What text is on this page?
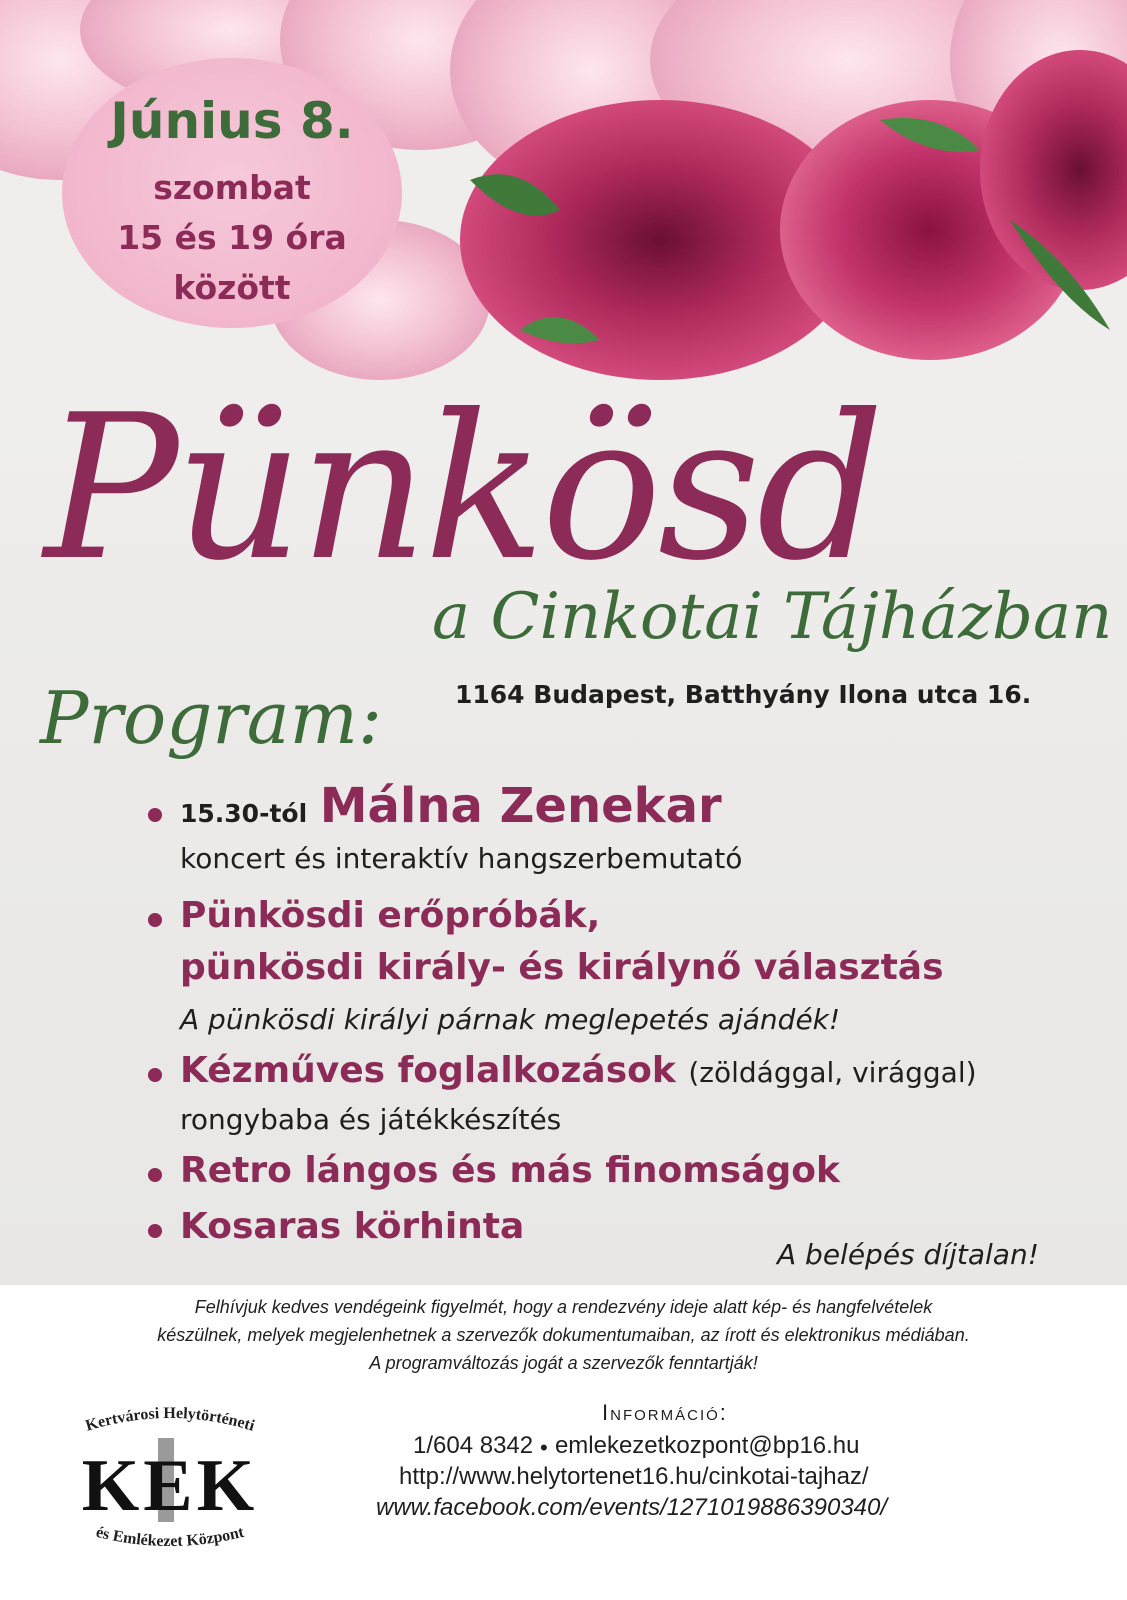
Június 8.
szombat
15 és 19 óra
között
Pünkösd
a Cinkotai Tájházban
1164 Budapest, Batthyány Ilona utca 16.
Program:
15.30-tól Málna Zenekar
koncert és interaktív hangszerbemutató
Pünkösdi erőpróbák,
pünkösdi király- és királynő választás
A pünkösdi királyi párnak meglepetés ajándék!
Kézműves foglalkozások (zöldággal, virággal)
rongybaba és játékkészítés
Retro lángos és más finomságok
Kosaras körhinta
A belépés díjtalan!
Felhívjuk kedves vendégeink figyelmét, hogy a rendezvény ideje alatt kép- és hangfelvételek
készülnek, melyek megjelenhetnek a szervezők dokumentumaiban, az írott és elektronikus médiában.
A programváltozás jogát a szervezők fenntartják!
Kertvárosi Helytörténeti
KEK
és Emlékezet Központ
Információ:
1/604 8342 ● emlekezetkozpont@bp16.hu
http://www.helytortenet16.hu/cinkotai-tajhaz/
www.facebook.com/events/1271019886390340/
